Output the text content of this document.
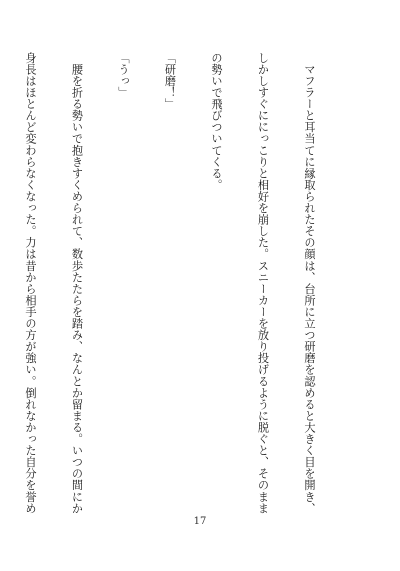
　マフラーと耳当てに縁取られたその顔は、台所に立つ研磨を認めると大きく目を開き、

しかしすぐににっこりと相好を崩した。スニーカーを放り投げるように脱ぐと、そのまま

の勢いで飛びついてくる。

「研磨！」

「うっ」

　腰を折る勢いで抱きすくめられて、数歩たたらを踏み、なんとか留まる。いつの間にか

身長はほとんど変わらなくなった。力は昔から相手の方が強い。倒れなかった自分を誉め

17
